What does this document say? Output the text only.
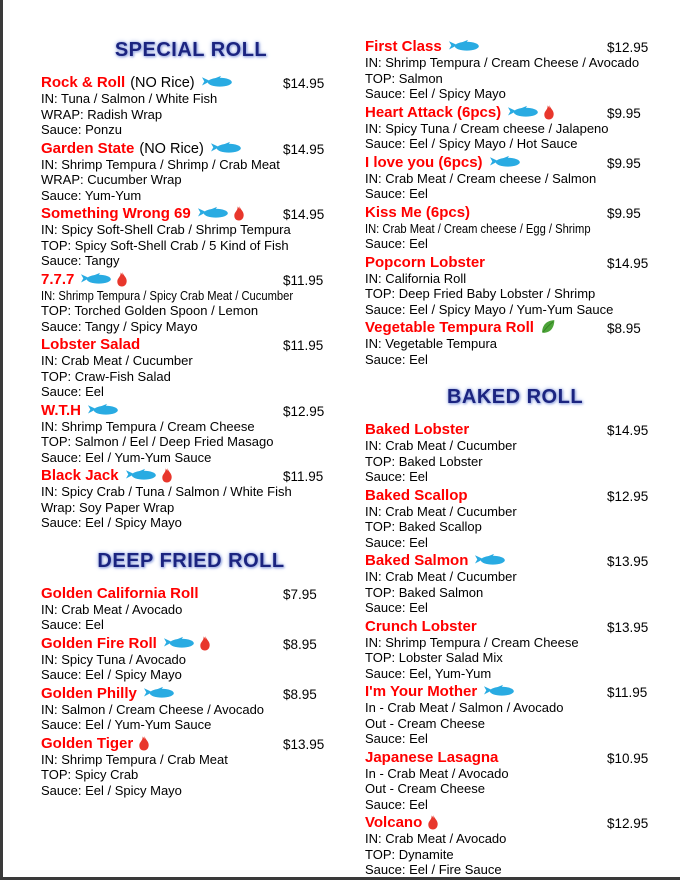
SPECIAL ROLL
Rock & Roll (NO Rice)	$14.95
IN: Tuna / Salmon / White Fish
WRAP: Radish Wrap
Sauce: Ponzu
Garden State (NO Rice)	$14.95
IN: Shrimp Tempura / Shrimp / Crab Meat
WRAP: Cucumber Wrap
Sauce: Yum-Yum
Something Wrong 69	$14.95
IN: Spicy Soft-Shell Crab / Shrimp Tempura
TOP: Spicy Soft-Shell Crab / 5 Kind of Fish
Sauce: Tangy
7.7.7	$11.95
IN: Shrimp Tempura / Spicy Crab Meat / Cucumber
TOP: Torched Golden Spoon / Lemon
Sauce: Tangy / Spicy Mayo
Lobster Salad	$11.95
IN: Crab Meat / Cucumber
TOP: Craw-Fish Salad
Sauce: Eel
W.T.H	$12.95
IN: Shrimp Tempura / Cream Cheese
TOP: Salmon / Eel / Deep Fried Masago
Sauce: Eel / Yum-Yum Sauce
Black Jack	$11.95
IN: Spicy Crab / Tuna / Salmon / White Fish
Wrap: Soy Paper Wrap
Sauce: Eel / Spicy Mayo
DEEP FRIED ROLL
Golden California Roll	$7.95
IN: Crab Meat / Avocado
Sauce: Eel
Golden Fire Roll	$8.95
IN: Spicy Tuna / Avocado
Sauce: Eel / Spicy Mayo
Golden Philly	$8.95
IN: Salmon / Cream Cheese / Avocado
Sauce: Eel / Yum-Yum Sauce
Golden Tiger	$13.95
IN: Shrimp Tempura / Crab Meat
TOP: Spicy Crab
Sauce: Eel / Spicy Mayo
First Class	$12.95
IN: Shrimp Tempura / Cream Cheese / Avocado
TOP: Salmon
Sauce: Eel / Spicy Mayo
Heart Attack (6pcs)	$9.95
IN: Spicy Tuna / Cream cheese / Jalapeno
Sauce: Eel / Spicy Mayo / Hot Sauce
I love you (6pcs)	$9.95
IN: Crab Meat / Cream cheese / Salmon
Sauce: Eel
Kiss Me (6pcs)	$9.95
IN: Crab Meat / Cream cheese / Egg / Shrimp
Sauce: Eel
Popcorn Lobster	$14.95
IN: California Roll
TOP: Deep Fried Baby Lobster / Shrimp
Sauce: Eel / Spicy Mayo / Yum-Yum Sauce
Vegetable Tempura Roll	$8.95
IN: Vegetable Tempura
Sauce: Eel
BAKED ROLL
Baked Lobster	$14.95
IN: Crab Meat / Cucumber
TOP: Baked Lobster
Sauce: Eel
Baked Scallop	$12.95
IN: Crab Meat / Cucumber
TOP: Baked Scallop
Sauce: Eel
Baked Salmon	$13.95
IN: Crab Meat / Cucumber
TOP: Baked Salmon
Sauce: Eel
Crunch Lobster	$13.95
IN: Shrimp Tempura / Cream Cheese
TOP: Lobster Salad Mix
Sauce: Eel, Yum-Yum
I'm Your Mother	$11.95
In - Crab Meat / Salmon / Avocado
Out - Cream Cheese
Sauce: Eel
Japanese Lasagna	$10.95
In - Crab Meat / Avocado
Out - Cream Cheese
Sauce: Eel
Volcano	$12.95
IN: Crab Meat / Avocado
TOP: Dynamite
Sauce: Eel / Fire Sauce
